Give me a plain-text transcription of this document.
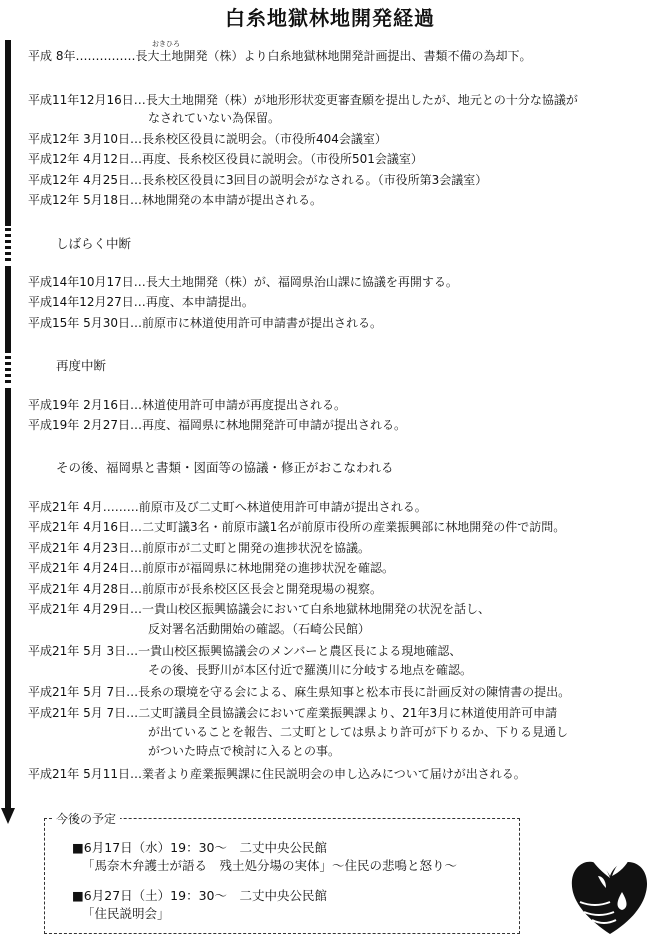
白糸地獄林地開発経過
おきひろ
平成 8年……………長大土地開発（株）より白糸地獄林地開発計画提出、書類不備の為却下。
平成11年12月16日…長大土地開発（株）が地形形状変更審査願を提出したが、地元との十分な協議が
なされていない為保留。
平成12年 3月10日…長糸校区役員に説明会。（市役所404会議室）
平成12年 4月12日…再度、長糸校区役員に説明会。（市役所501会議室）
平成12年 4月25日…長糸校区役員に3回目の説明会がなされる。（市役所第3会議室）
平成12年 5月18日…林地開発の本申請が提出される。
しばらく中断
平成14年10月17日…長大土地開発（株）が、福岡県治山課に協議を再開する。
平成14年12月27日…再度、本申請提出。
平成15年 5月30日…前原市に林道使用許可申請書が提出される。
再度中断
平成19年 2月16日…林道使用許可申請が再度提出される。
平成19年 2月27日…再度、福岡県に林地開発許可申請が提出される。
その後、福岡県と書類・図面等の協議・修正がおこなわれる
平成21年 4月………前原市及び二丈町へ林道使用許可申請が提出される。
平成21年 4月16日…二丈町議3名・前原市議1名が前原市役所の産業振興部に林地開発の件で訪問。
平成21年 4月23日…前原市が二丈町と開発の進捗状況を協議。
平成21年 4月24日…前原市が福岡県に林地開発の進捗状況を確認。
平成21年 4月28日…前原市が長糸校区区長会と開発現場の視察。
平成21年 4月29日…一貴山校区振興協議会において白糸地獄林地開発の状況を話し、
反対署名活動開始の確認。（石崎公民館）
平成21年 5月 3日…一貴山校区振興協議会のメンバーと農区長による現地確認、
その後、長野川が本区付近で羅漢川に分岐する地点を確認。
平成21年 5月 7日…長糸の環境を守る会による、麻生県知事と松本市長に計画反対の陳情書の提出。
平成21年 5月 7日…二丈町議員全員協議会において産業振興課より、21年3月に林道使用許可申請
が出ていることを報告、二丈町としては県より許可が下りるか、下りる見通し
がついた時点で検討に入るとの事。
平成21年 5月11日…業者より産業振興課に住民説明会の申し込みについて届けが出される。
今後の予定
■6月17日（水）19：30～　二丈中央公民館
「馬奈木弁護士が語る　残土処分場の実体」～住民の悲鳴と怒り～
■6月27日（土）19：30～　二丈中央公民館
「住民説明会」
